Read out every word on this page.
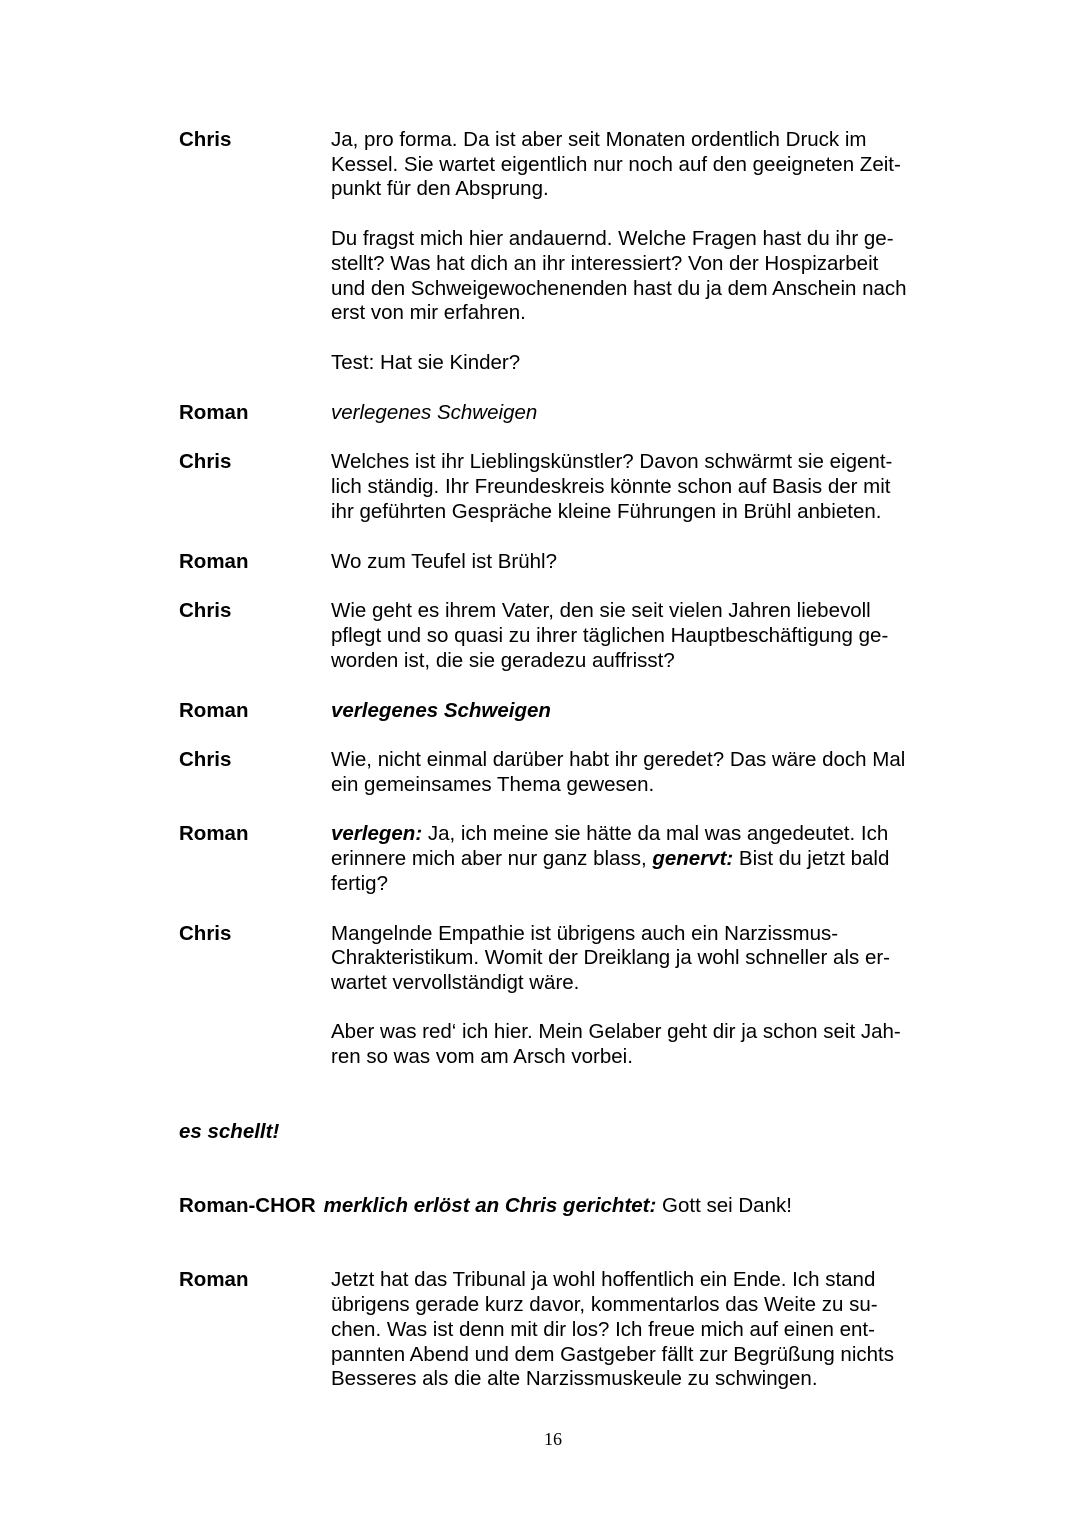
Chris	Ja, pro forma. Da ist aber seit Monaten ordentlich Druck im
Kessel. Sie wartet eigentlich nur noch auf den geeigneten Zeit-
punkt für den Absprung.
Du fragst mich hier andauernd. Welche Fragen hast du ihr ge-
stellt? Was hat dich an ihr interessiert? Von der Hospizarbeit
und den Schweigewochenenden hast du ja dem Anschein nach
erst von mir erfahren.
Test: Hat sie Kinder?
Roman	verlegenes Schweigen
Chris	Welches ist ihr Lieblingskünstler? Davon schwärmt sie eigent-
lich ständig. Ihr Freundeskreis könnte schon auf Basis der mit
ihr geführten Gespräche kleine Führungen in Brühl anbieten.
Roman	Wo zum Teufel ist Brühl?
Chris	Wie geht es ihrem Vater, den sie seit vielen Jahren liebevoll
pflegt und so quasi zu ihrer täglichen Hauptbeschäftigung ge-
worden ist, die sie geradezu auffrisst?
Roman	verlegenes Schweigen
Chris	Wie, nicht einmal darüber habt ihr geredet? Das wäre doch Mal
ein gemeinsames Thema gewesen.
Roman	verlegen: Ja, ich meine sie hätte da mal was angedeutet. Ich
erinnere mich aber nur ganz blass, genervt: Bist du jetzt bald
fertig?
Chris	Mangelnde Empathie ist übrigens auch ein Narzissmus-
Chrakteristikum. Womit der Dreiklang ja wohl schneller als er-
wartet vervollständigt wäre.
Aber was red‘ ich hier. Mein Gelaber geht dir ja schon seit Jah-
ren so was vom am Arsch vorbei.
es schellt!
Roman-CHOR merklich erlöst an Chris gerichtet: Gott sei Dank!
Roman	Jetzt hat das Tribunal ja wohl hoffentlich ein Ende. Ich stand
übrigens gerade kurz davor, kommentarlos das Weite zu su-
chen. Was ist denn mit dir los? Ich freue mich auf einen ent-
pannten Abend und dem Gastgeber fällt zur Begrüßung nichts
Besseres als die alte Narzissmuskeule zu schwingen.
16
